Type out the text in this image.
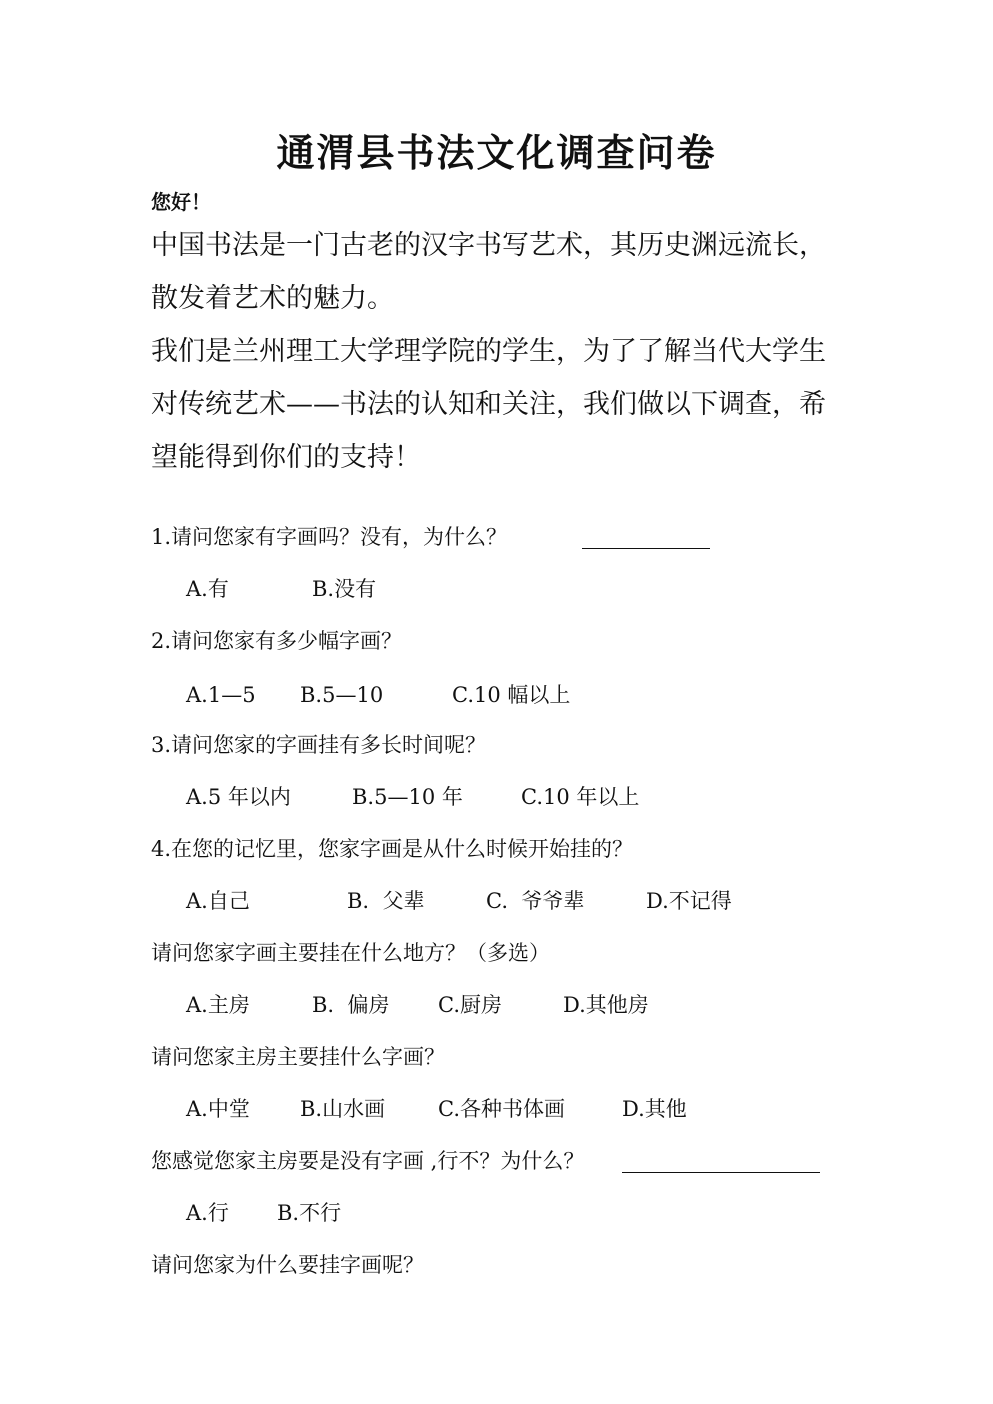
通渭县书法文化调查问卷
您好！
中国书法是一门古老的汉字书写艺术，其历史渊远流长，
散发着艺术的魅力。
我们是兰州理工大学理学院的学生，为了了解当代大学生
对传统艺术——书法的认知和关注，我们做以下调查，希
望能得到你们的支持！
1.请问您家有字画吗？没有，为什么？
A.有	B.没有
2.请问您家有多少幅字画？
A.1—5 B.5—10	C.10 幅以上
3.请问您家的字画挂有多长时间呢？
A.5 年以内	B.5—10 年	C.10 年以上
4.在您的记忆里，您家字画是从什么时候开始挂的？
A.自己	B.  父辈	C.  爷爷辈	D.不记得
请问您家字画主要挂在什么地方？（多选）
A.主房	B.  偏房 C.厨房	D.其他房
请问您家主房主要挂什么字画？
A.中堂 B.山水画	C.各种书体画	D.其他
您感觉您家主房要是没有字画 ,行不？为什么？
A.行 B.不行
请问您家为什么要挂字画呢？
